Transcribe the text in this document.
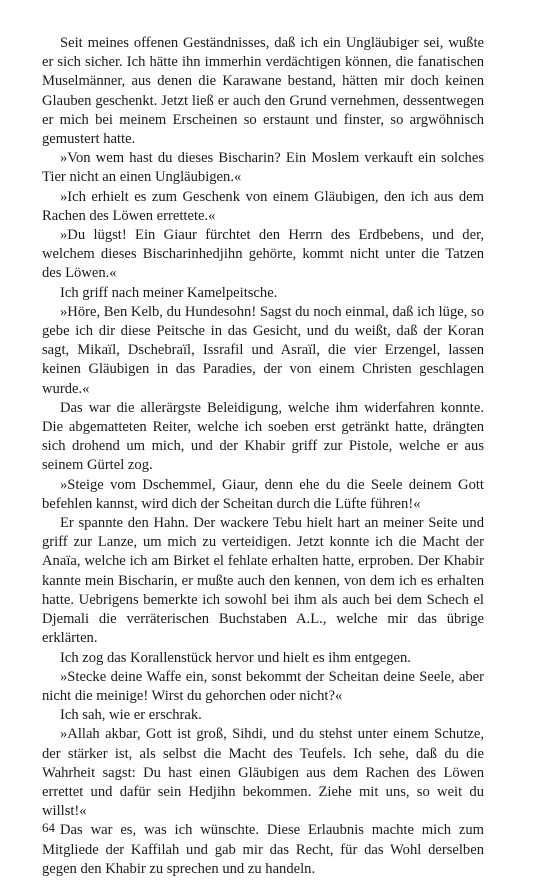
Seit meines offenen Geständnisses, daß ich ein Ungläubiger sei, wußte er sich sicher. Ich hätte ihn immerhin verdächtigen können, die fanatischen Muselmänner, aus denen die Karawane bestand, hätten mir doch keinen Glauben geschenkt. Jetzt ließ er auch den Grund vernehmen, dessentwegen er mich bei meinem Erscheinen so erstaunt und finster, so argwöhnisch gemustert hatte.

»Von wem hast du dieses Bischarin? Ein Moslem verkauft ein solches Tier nicht an einen Ungläubigen.«

»Ich erhielt es zum Geschenk von einem Gläubigen, den ich aus dem Rachen des Löwen errettete.«

»Du lügst! Ein Giaur fürchtet den Herrn des Erdbebens, und der, welchem dieses Bischarinhedjihn gehörte, kommt nicht unter die Tatzen des Löwen.«

Ich griff nach meiner Kamelpeitsche.

»Höre, Ben Kelb, du Hundesohn! Sagst du noch einmal, daß ich lüge, so gebe ich dir diese Peitsche in das Gesicht, und du weißt, daß der Koran sagt, Mikaïl, Dschebraïl, Issrafil und Asraïl, die vier Erzengel, lassen keinen Gläubigen in das Paradies, der von einem Christen geschlagen wurde.«

Das war die allerärgste Beleidigung, welche ihm widerfahren konnte. Die abgematteten Reiter, welche ich soeben erst getränkt hatte, drängten sich drohend um mich, und der Khabir griff zur Pistole, welche er aus seinem Gürtel zog.

»Steige vom Dschemmel, Giaur, denn ehe du die Seele deinem Gott befehlen kannst, wird dich der Scheitan durch die Lüfte führen!«

Er spannte den Hahn. Der wackere Tebu hielt hart an meiner Seite und griff zur Lanze, um mich zu verteidigen. Jetzt konnte ich die Macht der Anaïa, welche ich am Birket el fehlate erhalten hatte, erproben. Der Khabir kannte mein Bischarin, er mußte auch den kennen, von dem ich es erhalten hatte. Uebrigens bemerkte ich sowohl bei ihm als auch bei dem Schech el Djemali die verräterischen Buchstaben A.L., welche mir das übrige erklärten.

Ich zog das Korallenstück hervor und hielt es ihm entgegen.

»Stecke deine Waffe ein, sonst bekommt der Scheitan deine Seele, aber nicht die meinige! Wirst du gehorchen oder nicht?«

Ich sah, wie er erschrak.

»Allah akbar, Gott ist groß, Sihdi, und du stehst unter einem Schutze, der stärker ist, als selbst die Macht des Teufels. Ich sehe, daß du die Wahrheit sagst: Du hast einen Gläubigen aus dem Rachen des Löwen errettet und dafür sein Hedjihn bekommen. Ziehe mit uns, so weit du willst!«

Das war es, was ich wünschte. Diese Erlaubnis machte mich zum Mitgliede der Kaffilah und gab mir das Recht, für das Wohl derselben gegen den Khabir zu sprechen und zu handeln.

64
